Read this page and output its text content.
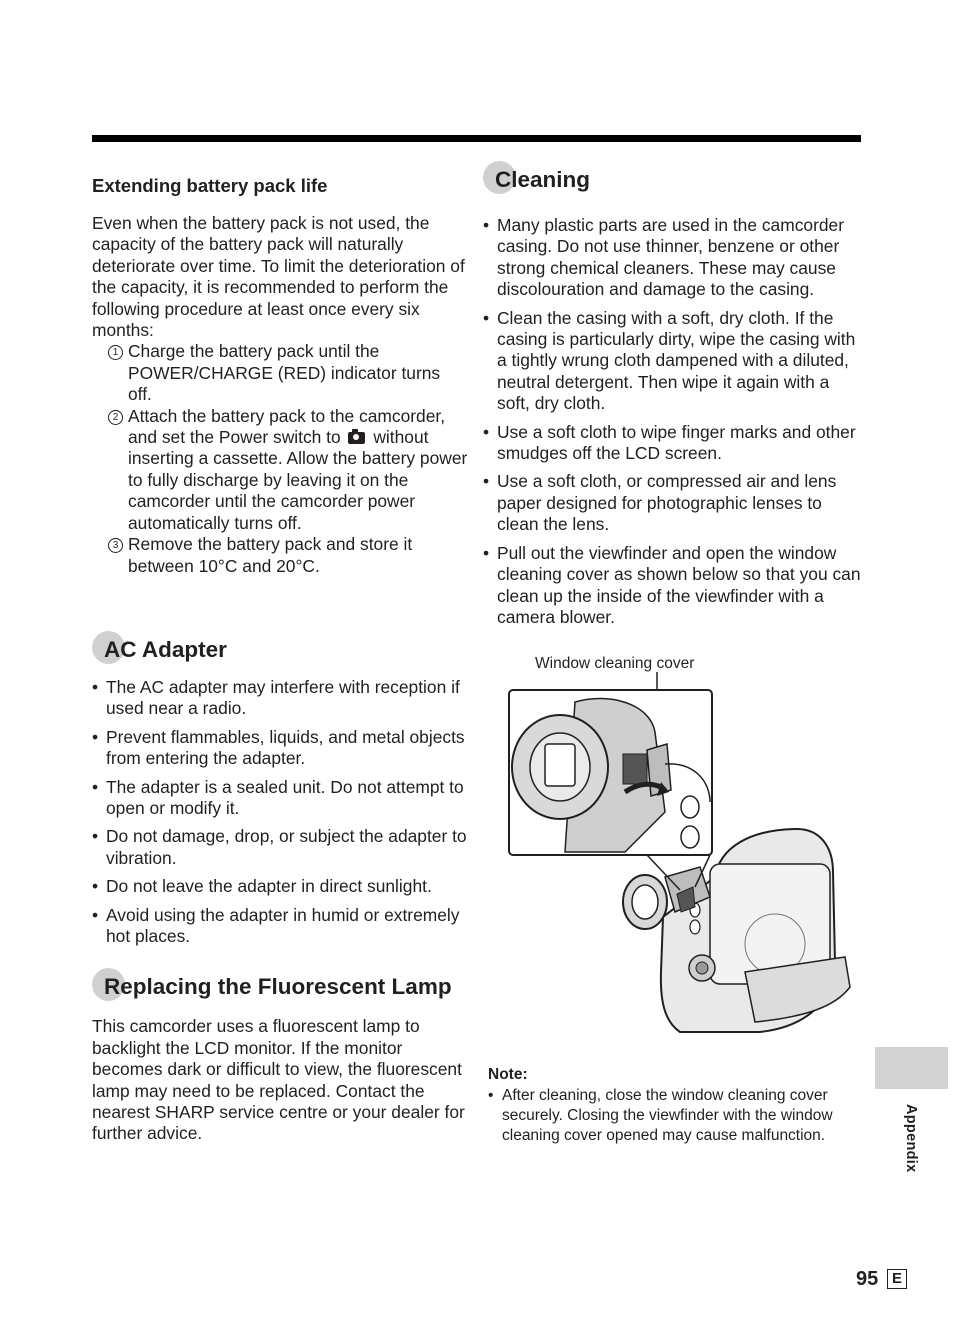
Extending battery pack life

Even when the battery pack is not used, the capacity of the battery pack will naturally deteriorate over time. To limit the deterioration of the capacity, it is recommended to perform the following procedure at least once every six months:

1 Charge the battery pack until the POWER/CHARGE (RED) indicator turns off.
2 Attach the battery pack to the camcorder, and set the Power switch to without inserting a cassette. Allow the battery power to fully discharge by leaving it on the camcorder until the camcorder power automatically turns off.
3 Remove the battery pack and store it between 10°C and 20°C.
AC Adapter
• The AC adapter may interfere with reception if used near a radio.
• Prevent flammables, liquids, and metal objects from entering the adapter.
• The adapter is a sealed unit. Do not attempt to open or modify it.
• Do not damage, drop, or subject the adapter to vibration.
• Do not leave the adapter in direct sunlight.
• Avoid using the adapter in humid or extremely hot places.
Replacing the Fluorescent Lamp

This camcorder uses a fluorescent lamp to backlight the LCD monitor. If the monitor becomes dark or difficult to view, the fluorescent lamp may need to be replaced. Contact the nearest SHARP service centre or your dealer for further advice.

Cleaning
• Many plastic parts are used in the camcorder casing. Do not use thinner, benzene or other strong chemical cleaners. These may cause discolouration and damage to the casing.
• Clean the casing with a soft, dry cloth. If the casing is particularly dirty, wipe the casing with a tightly wrung cloth dampened with a diluted, neutral detergent. Then wipe it again with a soft, dry cloth.
• Use a soft cloth to wipe finger marks and other smudges off the LCD screen.
• Use a soft cloth, or compressed air and lens paper designed for photographic lenses to clean the lens.
• Pull out the viewfinder and open the window cleaning cover as shown below so that you can clean up the inside of the viewfinder with a camera blower.
Window cleaning cover
Note:
• After cleaning, close the window cleaning cover securely. Closing the viewfinder with the window cleaning cover opened may cause malfunction.	Appendix
95 E
